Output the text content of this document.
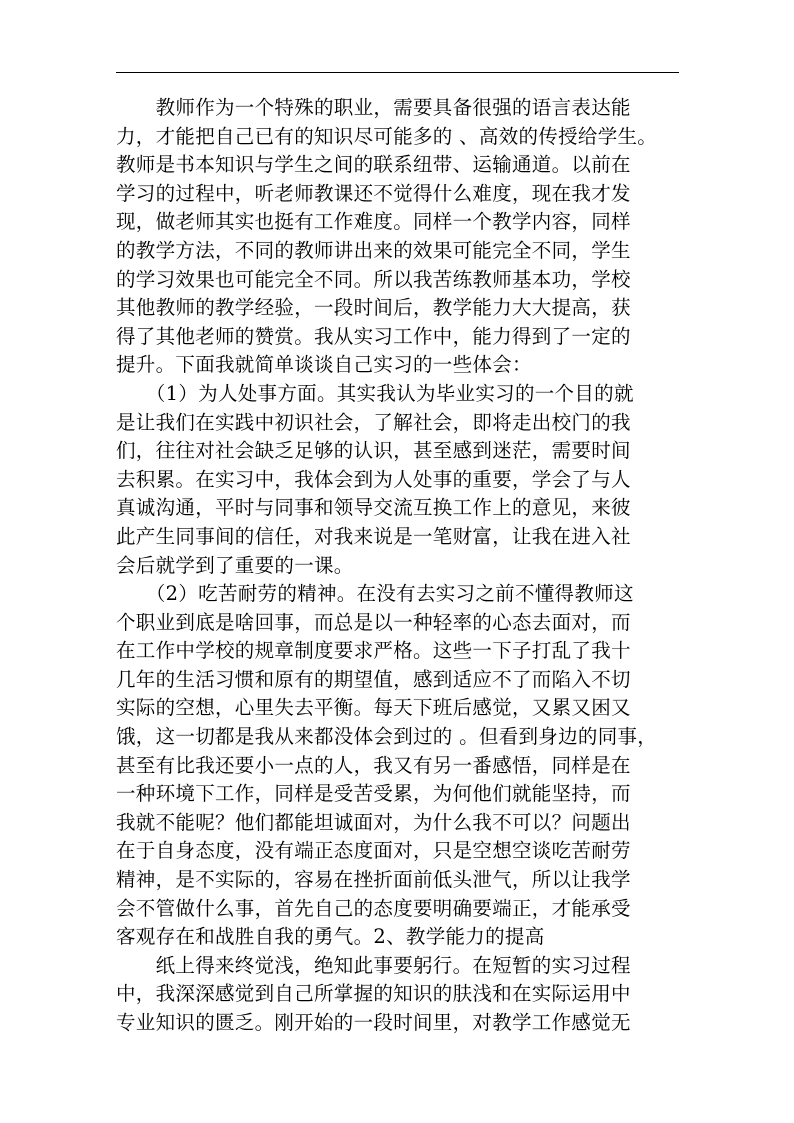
　　教师作为一个特殊的职业，需要具备很强的语言表达能
力，才能把自己已有的知识尽可能多的 、高效的传授给学生。
教师是书本知识与学生之间的联系纽带、运输通道。以前在
学习的过程中，听老师教课还不觉得什么难度，现在我才发
现，做老师其实也挺有工作难度。同样一个教学内容，同样
的教学方法，不同的教师讲出来的效果可能完全不同，学生
的学习效果也可能完全不同。所以我苦练教师基本功，学校
其他教师的教学经验，一段时间后，教学能力大大提高，获
得了其他老师的赞赏。我从实习工作中，能力得到了一定的
提升。下面我就简单谈谈自己实习的一些体会：
　　（1）为人处事方面。其实我认为毕业实习的一个目的就
是让我们在实践中初识社会，了解社会，即将走出校门的我
们，往往对社会缺乏足够的认识，甚至感到迷茫，需要时间
去积累。在实习中，我体会到为人处事的重要，学会了与人
真诚沟通，平时与同事和领导交流互换工作上的意见，来彼
此产生同事间的信任，对我来说是一笔财富，让我在进入社
会后就学到了重要的一课。
　　（2）吃苦耐劳的精神。在没有去实习之前不懂得教师这
个职业到底是啥回事，而总是以一种轻率的心态去面对，而
在工作中学校的规章制度要求严格。这些一下子打乱了我十
几年的生活习惯和原有的期望值，感到适应不了而陷入不切
实际的空想，心里失去平衡。每天下班后感觉，又累又困又
饿，这一切都是我从来都没体会到过的 。但看到身边的同事，
甚至有比我还要小一点的人，我又有另一番感悟，同样是在
一种环境下工作，同样是受苦受累，为何他们就能坚持，而
我就不能呢？他们都能坦诚面对，为什么我不可以？问题出
在于自身态度，没有端正态度面对，只是空想空谈吃苦耐劳
精神，是不实际的，容易在挫折面前低头泄气，所以让我学
会不管做什么事，首先自己的态度要明确要端正，才能承受
客观存在和战胜自我的勇气。2、教学能力的提高
　　纸上得来终觉浅，绝知此事要躬行。在短暂的实习过程
中，我深深感觉到自己所掌握的知识的肤浅和在实际运用中
专业知识的匮乏。刚开始的一段时间里，对教学工作感觉无
